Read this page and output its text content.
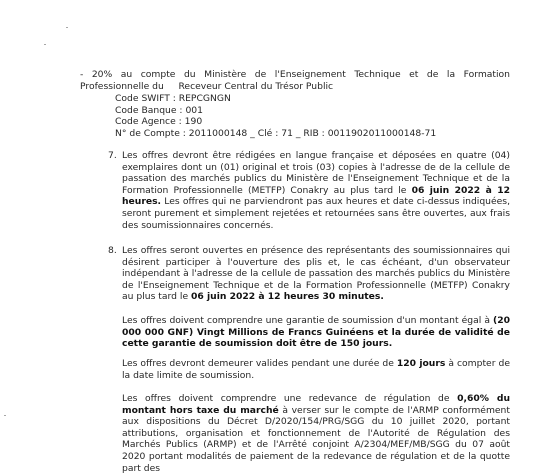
- 20% au compte du Ministère de l'Enseignement Technique et de la Formation
Professionnelle du     Receveur Central du Trésor Public
Code SWIFT : REPCGNGN
Code Banque : 001
Code Agence : 190
N° de Compte : 2011000148 _ Clé : 71 _ RIB : 0011902011000148-71
7. Les offres devront être rédigées en langue française et déposées en quatre (04) exemplaires dont un (01) original et trois (03) copies à l'adresse de de la cellule de passation des marchés publics du Ministère de l'Enseignement Technique et de la Formation Professionnelle (METFP) Conakry au plus tard le 06 juin 2022 à 12 heures. Les offres qui ne parviendront pas aux heures et date ci-dessus indiquées, seront purement et simplement rejetées et retournées sans être ouvertes, aux frais des soumissionnaires concernés.

8. Les offres seront ouvertes en présence des représentants des soumissionnaires qui désirent participer à l'ouverture des plis et, le cas échéant, d'un observateur indépendant à l'adresse de la cellule de passation des marchés publics du Ministère de l'Enseignement Technique et de la Formation Professionnelle (METFP) Conakry au plus tard le 06 juin 2022 à 12 heures 30 minutes.

Les offres doivent comprendre une garantie de soumission d'un montant égal à (20 000 000 GNF) Vingt Millions de Francs Guinéens et la durée de validité de cette garantie de soumission doit être de 150 jours.

Les offres devront demeurer valides pendant une durée de 120 jours à compter de la date limite de soumission.

Les offres doivent comprendre une redevance de régulation de 0,60% du montant hors taxe du marché à verser sur le compte de l'ARMP conformément aux dispositions du Décret D/2020/154/PRG/SGG du 10 juillet 2020, portant attributions, organisation et fonctionnement de l'Autorité de Régulation des Marchés Publics (ARMP) et de l'Arrêté conjoint A/2304/MEF/MB/SGG du 07 août 2020 portant modalités de paiement de la redevance de régulation et de la quotte part des
